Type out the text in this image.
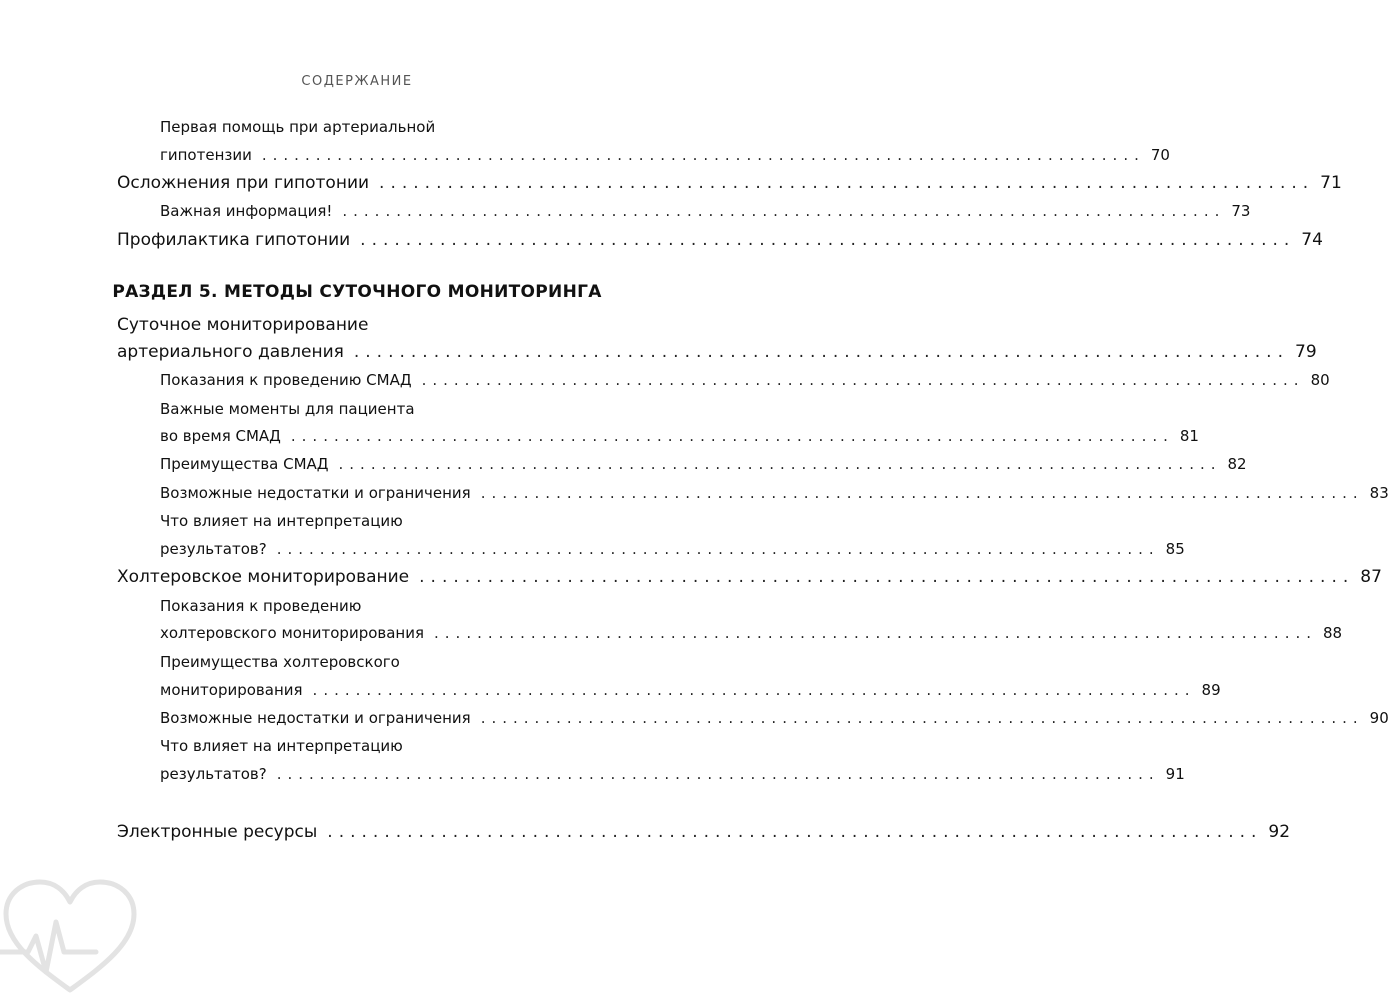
СОДЕРЖАНИЕ
Первая помощь при артериальной
гипотензии .................................................................................. 70
Осложнения при гипотонии .................................................................................. 71
Важная информация! .................................................................................. 73
Профилактика гипотонии .................................................................................. 74
РАЗДЕЛ 5. МЕТОДЫ СУТОЧНОГО МОНИТОРИНГА
Суточное мониторирование
артериального давления .................................................................................. 79
Показания к проведению СМАД .................................................................................. 80
Важные моменты для пациента
во время СМАД .................................................................................. 81
Преимущества СМАД .................................................................................. 82
Возможные недостатки и ограничения .................................................................................. 83
Что влияет на интерпретацию
результатов? .................................................................................. 85
Холтеровское мониторирование .................................................................................. 87
Показания к проведению
холтеровского мониторирования .................................................................................. 88
Преимущества холтеровского
мониторирования .................................................................................. 89
Возможные недостатки и ограничения .................................................................................. 90
Что влияет на интерпретацию
результатов? .................................................................................. 91
Электронные ресурсы .................................................................................. 92
